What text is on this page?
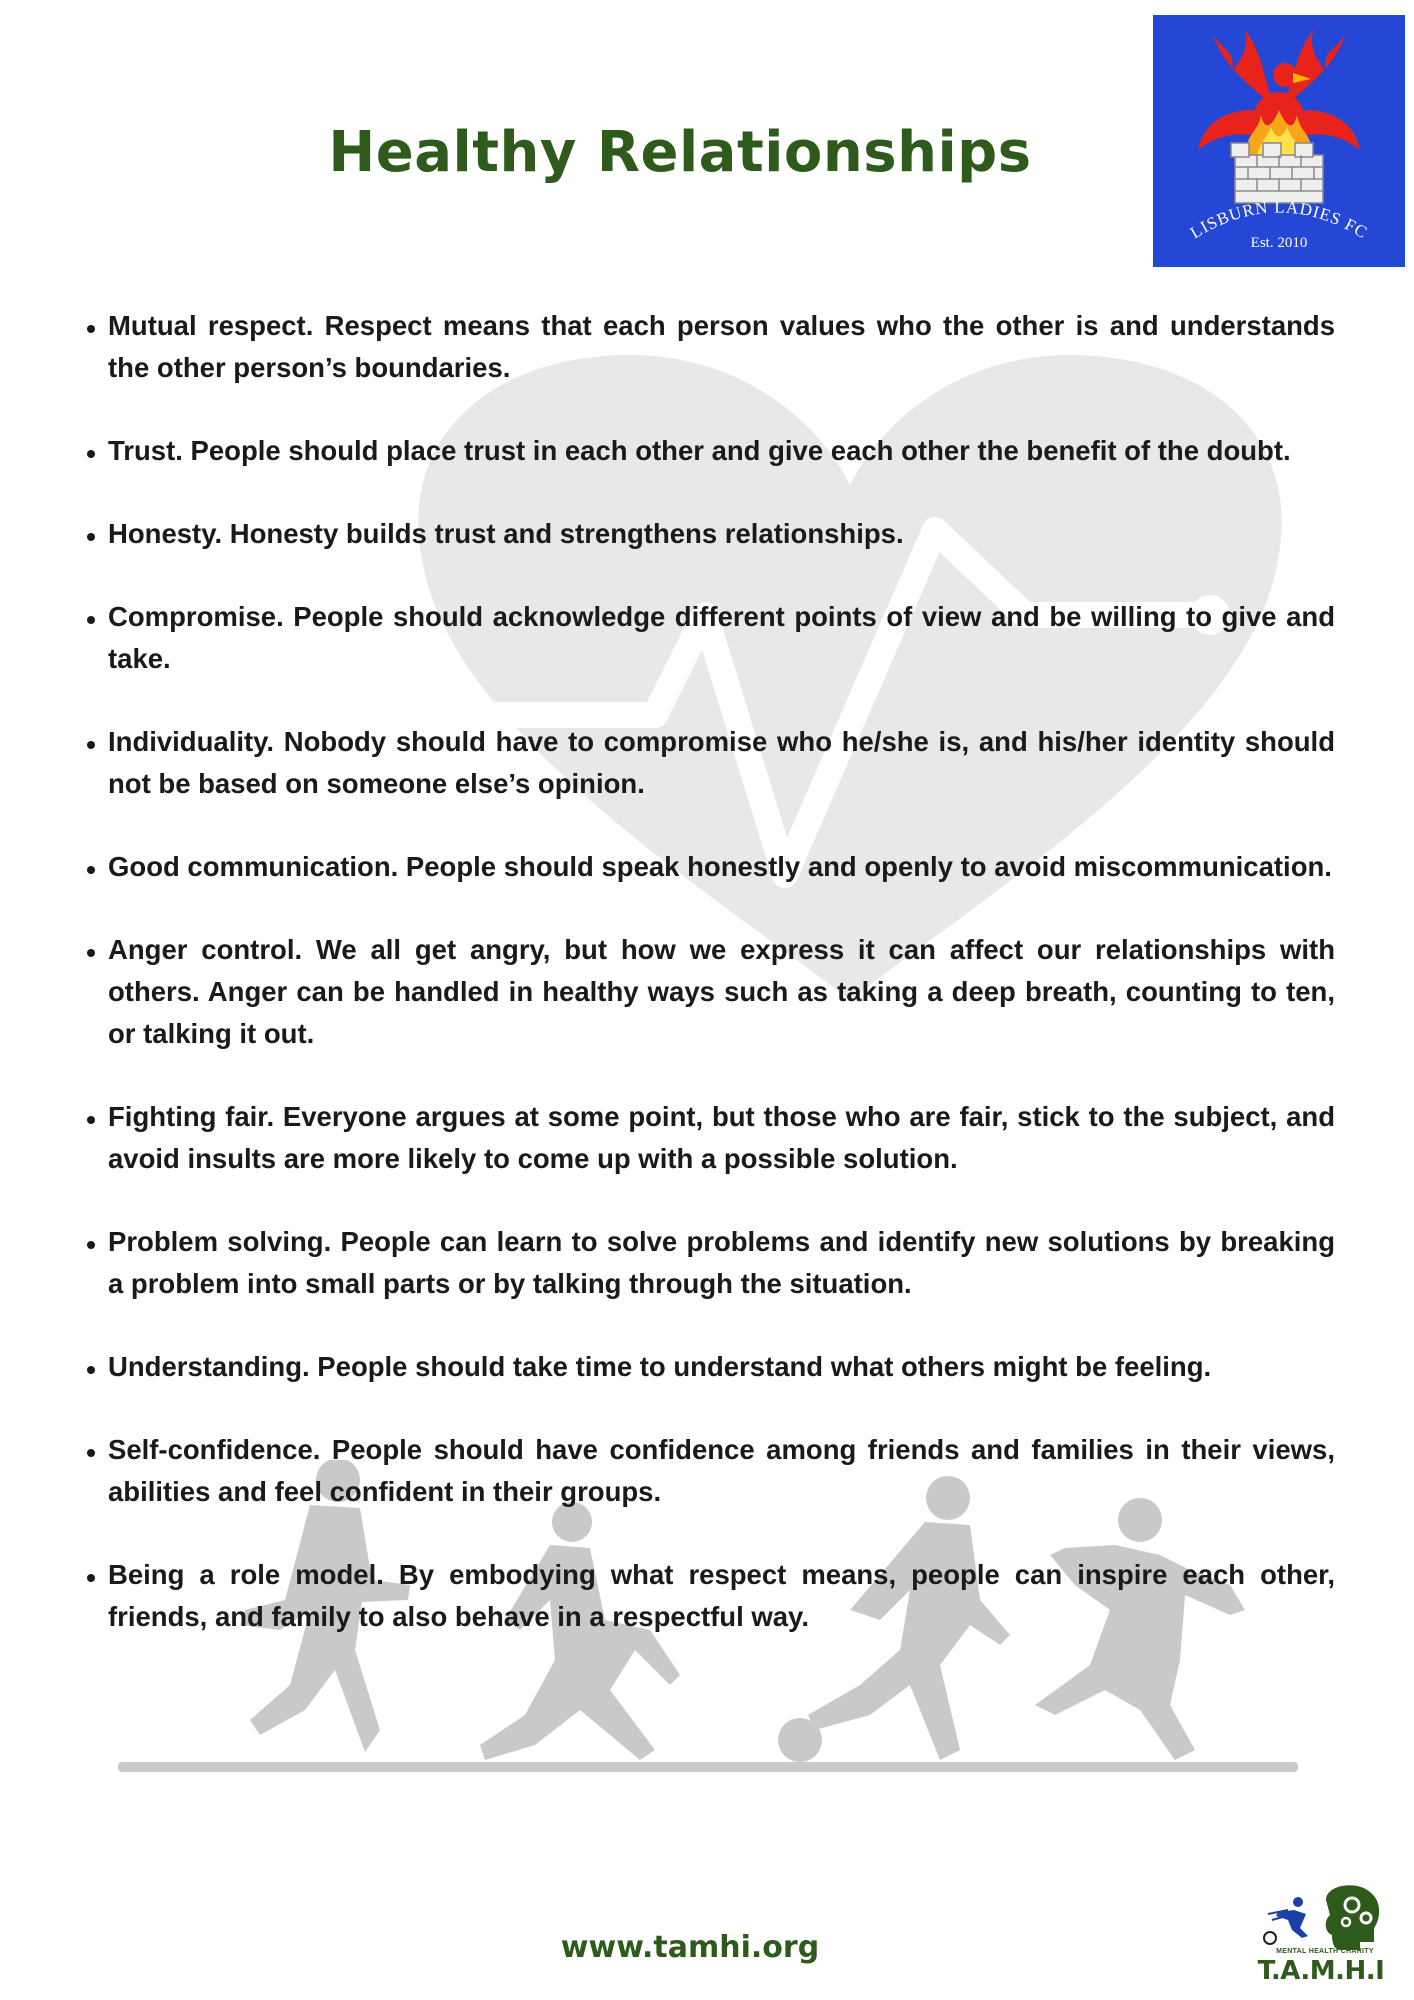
Healthy Relationships
LISBURN LADIES FC
Est. 2010
Mutual respect. Respect means that each person values who the other is and understands the other person’s boundaries.
Trust. People should place trust in each other and give each other the benefit of the doubt.
Honesty. Honesty builds trust and strengthens relationships.
Compromise. People should acknowledge different points of view and be willing to give and take.
Individuality. Nobody should have to compromise who he/she is, and his/her identity should not be based on someone else’s opinion.
Good communication. People should speak honestly and openly to avoid miscommunication.
Anger control. We all get angry, but how we express it can affect our relationships with others. Anger can be handled in healthy ways such as taking a deep breath, counting to ten, or talking it out.
Fighting fair. Everyone argues at some point, but those who are fair, stick to the subject, and avoid insults are more likely to come up with a possible solution.
Problem solving. People can learn to solve problems and identify new solutions by breaking a problem into small parts or by talking through the situation.
Understanding. People should take time to understand what others might be feeling.
Self-confidence. People should have confidence among friends and families in their views, abilities and feel confident in their groups.
Being a role model. By embodying what respect means, people can inspire each other, friends, and family to also behave in a respectful way.
www.tamhi.org	MENTAL HEALTH CHARITY
T.A.M.H.I
